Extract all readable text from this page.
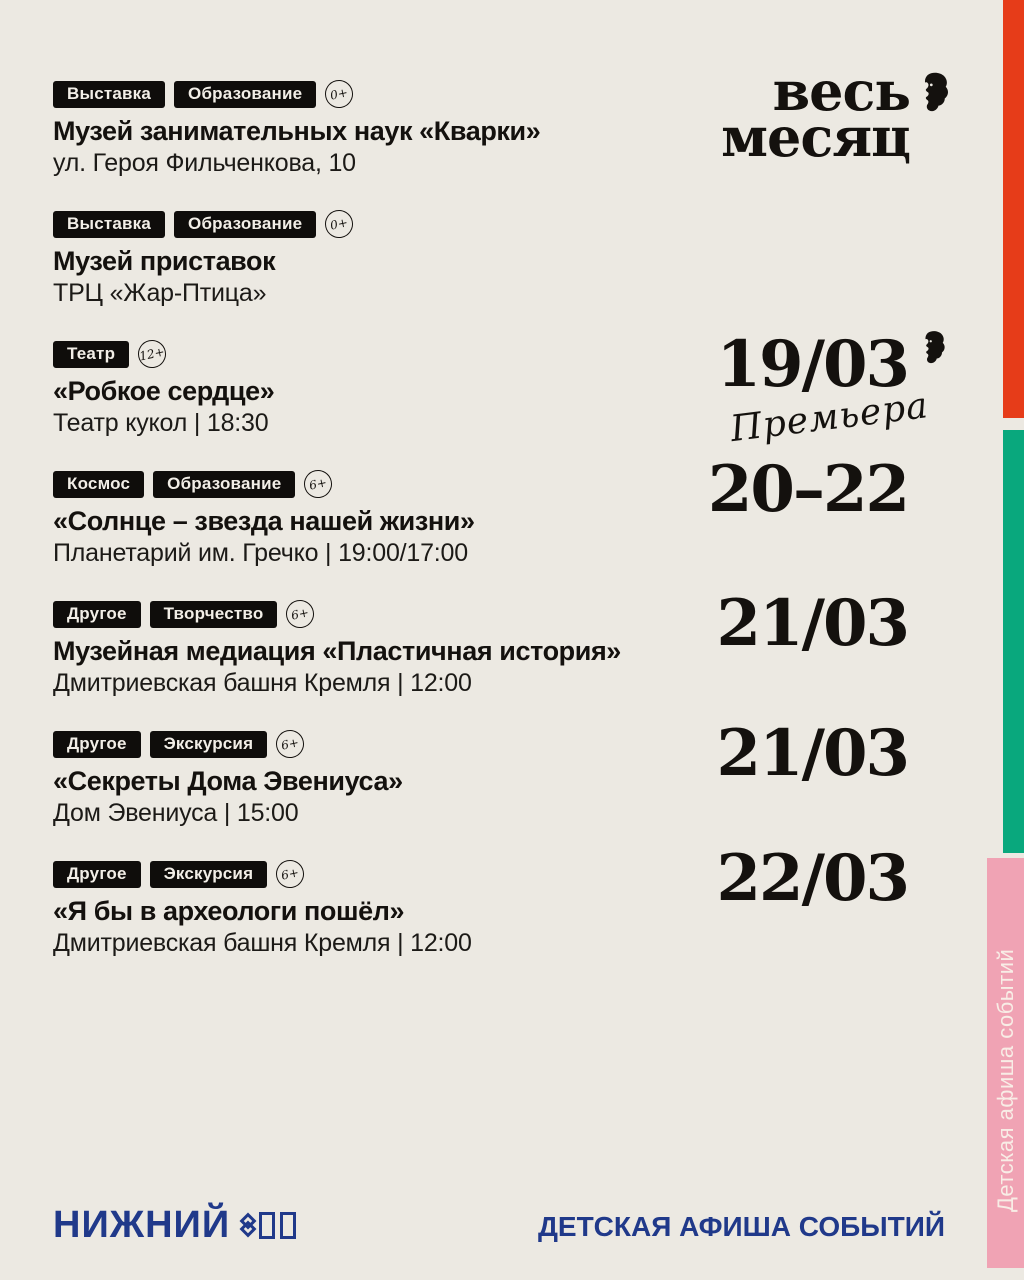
Детская афиша событий
Выставка	Образование	0+
Музей занимательных наук «Кварки»
ул. Героя Фильченкова, 10
Выставка	Образование	0+
Музей приставок
ТРЦ «Жар-Птица»
Театр	12+
«Робкое сердце»
Театр кукол | 18:30
Космос	Образование	6+
«Солнце – звезда нашей жизни»
Планетарий им. Гречко | 19:00/17:00
Другое	Творчество	6+
Музейная медиация «Пластичная история»
Дмитриевская башня Кремля | 12:00
Другое	Экскурсия	6+
«Секреты Дома Эвениуса»
Дом Эвениуса | 15:00
Другое	Экскурсия	6+
«Я бы в археологи пошёл»
Дмитриевская башня Кремля | 12:00
весь
месяц
19/03
Премьера
20–22
21/03
21/03
22/03
НИЖНИЙ	ДЕТСКАЯ АФИША СОБЫТИЙ
